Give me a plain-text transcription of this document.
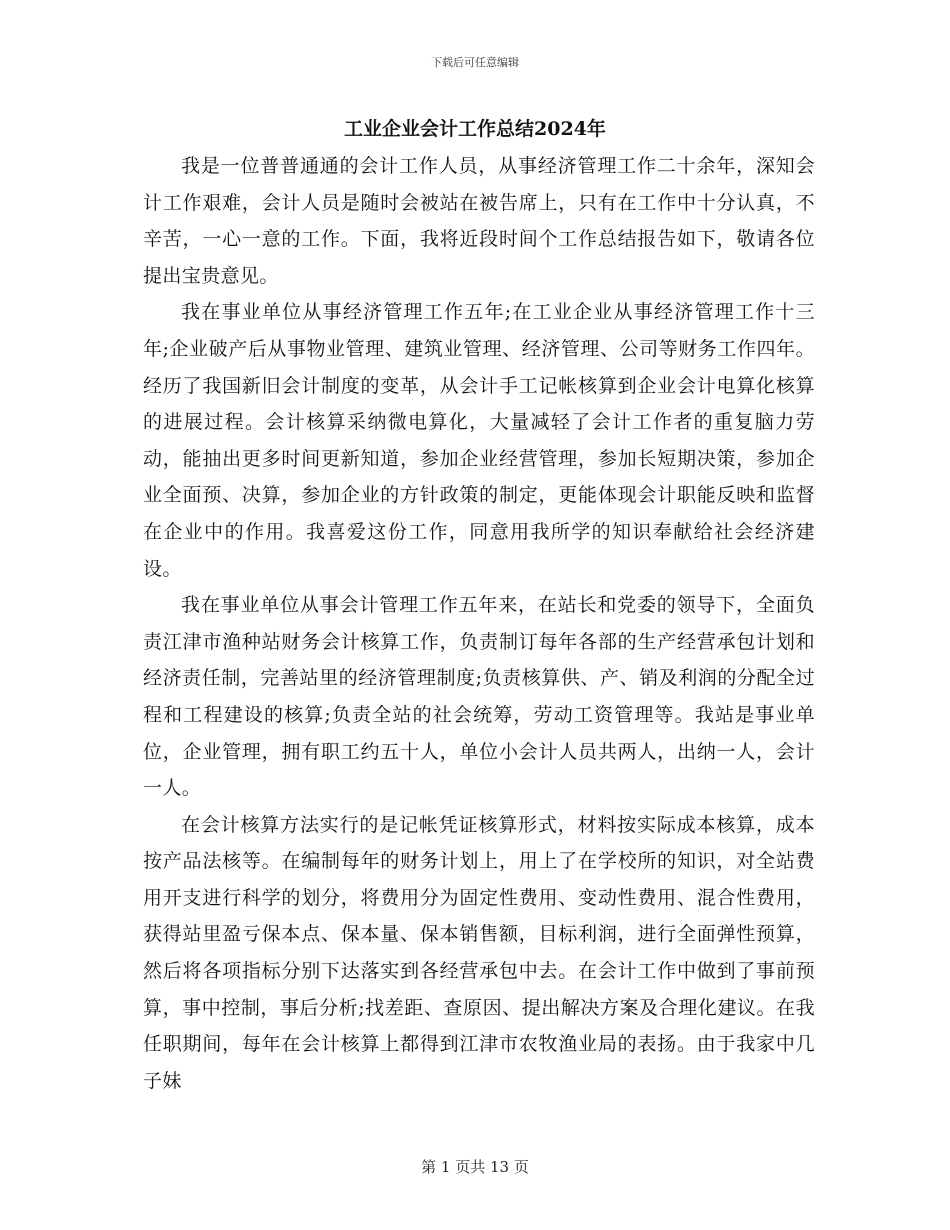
下载后可任意编辑
工业企业会计工作总结2024年

我是一位普普通通的会计工作人员，从事经济管理工作二十余年，深知会计工作艰难，会计人员是随时会被站在被告席上，只有在工作中十分认真，不辛苦，一心一意的工作。下面，我将近段时间个工作总结报告如下，敬请各位提出宝贵意见。

我在事业单位从事经济管理工作五年;在工业企业从事经济管理工作十三年;企业破产后从事物业管理、建筑业管理、经济管理、公司等财务工作四年。经历了我国新旧会计制度的变革，从会计手工记帐核算到企业会计电算化核算的进展过程。会计核算采纳微电算化，大量减轻了会计工作者的重复脑力劳动，能抽出更多时间更新知道，参加企业经营管理，参加长短期决策，参加企业全面预、决算，参加企业的方针政策的制定，更能体现会计职能反映和监督在企业中的作用。我喜爱这份工作，同意用我所学的知识奉献给社会经济建设。

我在事业单位从事会计管理工作五年来，在站长和党委的领导下，全面负责江津市渔种站财务会计核算工作，负责制订每年各部的生产经营承包计划和经济责任制，完善站里的经济管理制度;负责核算供、产、销及利润的分配全过程和工程建设的核算;负责全站的社会统筹，劳动工资管理等。我站是事业单位，企业管理，拥有职工约五十人，单位小会计人员共两人，出纳一人，会计一人。

在会计核算方法实行的是记帐凭证核算形式，材料按实际成本核算，成本按产品法核等。在编制每年的财务计划上，用上了在学校所的知识，对全站费用开支进行科学的划分，将费用分为固定性费用、变动性费用、混合性费用，获得站里盈亏保本点、保本量、保本销售额，目标利润，进行全面弹性预算，然后将各项指标分别下达落实到各经营承包中去。在会计工作中做到了事前预算，事中控制，事后分析;找差距、查原因、提出解决方案及合理化建议。在我任职期间，每年在会计核算上都得到江津市农牧渔业局的表扬。由于我家中几子妹

第 1 页共 13 页
